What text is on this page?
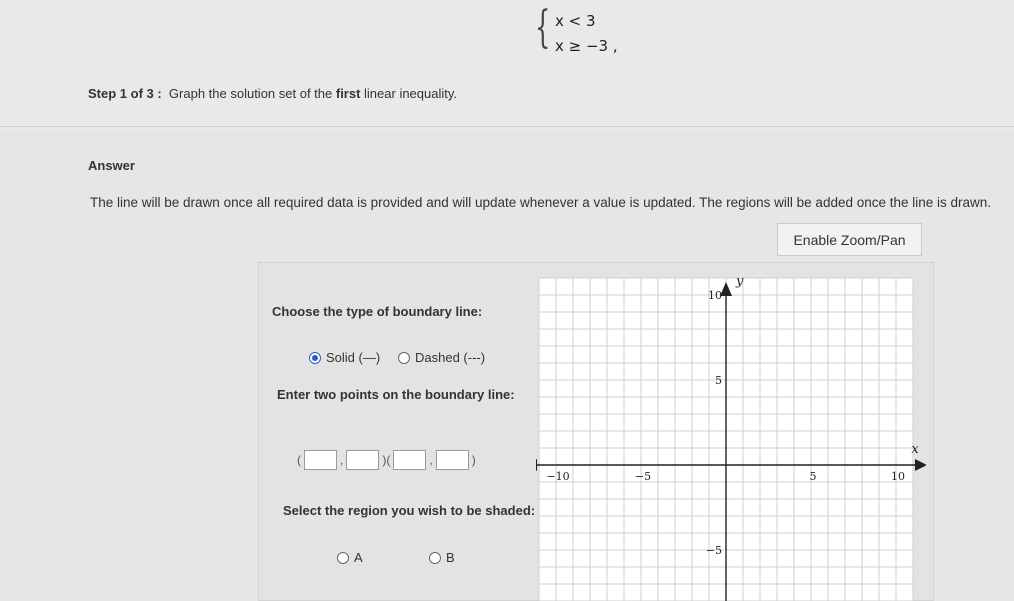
{ x < 3
x ≥ −3 ,
Step 1 of 3 : Graph the solution set of the first linear inequality.
Answer
The line will be drawn once all required data is provided and will update whenever a value is updated. The regions will be added once the line is drawn.
Enable Zoom/Pan
Choose the type of boundary line:
Solid (—)	Dashed (---)
Enter two points on the boundary line:
(	,	) (	,	)
Select the region you wish to be shaded:
A	B
−10	−5	5	10
10
5
−5
y
x
